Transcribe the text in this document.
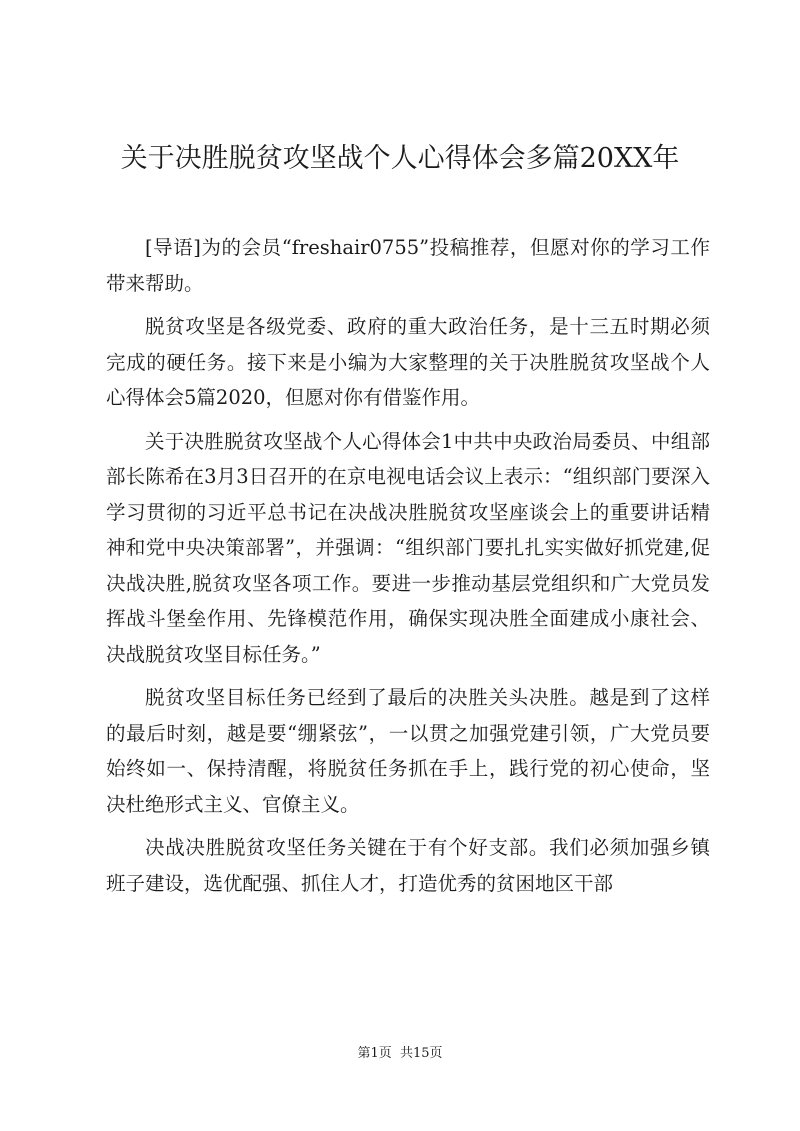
关于决胜脱贫攻坚战个人心得体会多篇20XX年

[导语]为的会员“freshair0755”投稿推荐，但愿对你的学习工作带来帮助。

脱贫攻坚是各级党委、政府的重大政治任务，是十三五时期必须完成的硬任务。接下来是小编为大家整理的关于决胜脱贫攻坚战个人心得体会5篇2020，但愿对你有借鉴作用。

关于决胜脱贫攻坚战个人心得体会1中共中央政治局委员、中组部部长陈希在3月3日召开的在京电视电话会议上表示：“组织部门要深入学习贯彻的习近平总书记在决战决胜脱贫攻坚座谈会上的重要讲话精神和党中央决策部署”，并强调：“组织部门要扎扎实实做好抓党建,促决战决胜,脱贫攻坚各项工作。要进一步推动基层党组织和广大党员发挥战斗堡垒作用、先锋模范作用，确保实现决胜全面建成小康社会、决战脱贫攻坚目标任务。”

脱贫攻坚目标任务已经到了最后的决胜关头决胜。越是到了这样的最后时刻，越是要“绷紧弦”，一以贯之加强党建引领，广大党员要始终如一、保持清醒，将脱贫任务抓在手上，践行党的初心使命，坚决杜绝形式主义、官僚主义。

决战决胜脱贫攻坚任务关键在于有个好支部。我们必须加强乡镇班子建设，选优配强、抓住人才，打造优秀的贫困地区干部

第1页 共15页
